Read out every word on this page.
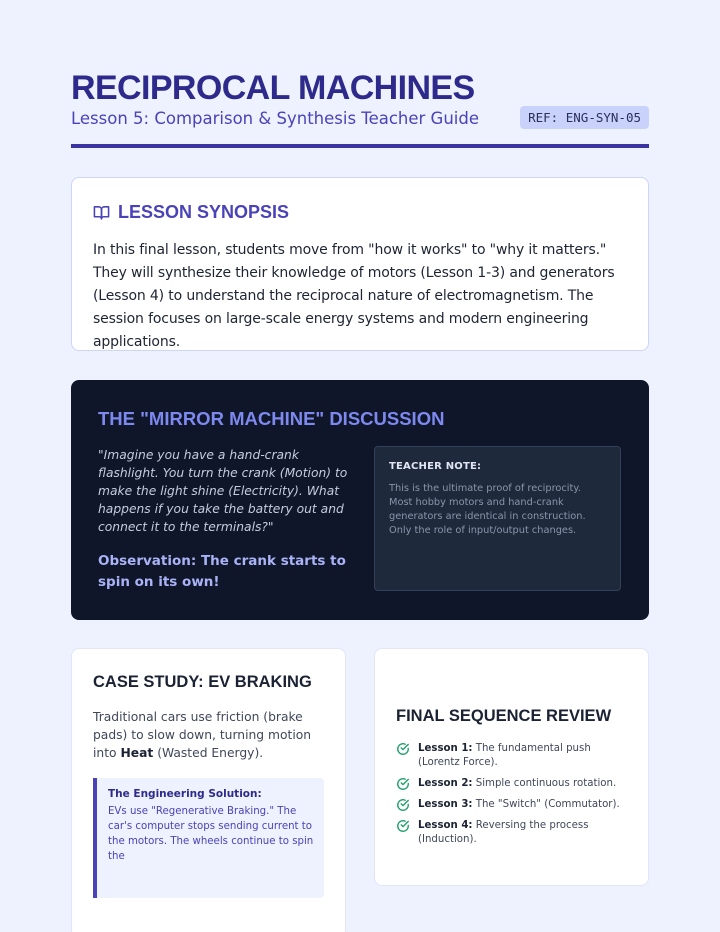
RECIPROCAL MACHINES
Lesson 5: Comparison & Synthesis Teacher Guide	REF: ENG-SYN-05
LESSON SYNOPSIS

In this final lesson, students move from "how it works" to "why it matters." They will synthesize their knowledge of motors (Lesson 1-3) and generators (Lesson 4) to understand the reciprocal nature of electromagnetism. The session focuses on large-scale energy systems and modern engineering applications.

THE "MIRROR MACHINE" DISCUSSION

"Imagine you have a hand-crank flashlight. You turn the crank (Motion) to make the light shine (Electricity). What happens if you take the battery out and connect it to the terminals?"

Observation: The crank starts to spin on its own!

TEACHER NOTE:

This is the ultimate proof of reciprocity. Most hobby motors and hand-crank generators are identical in construction. Only the role of input/output changes.

CASE STUDY: EV BRAKING

Traditional cars use friction (brake pads) to slow down, turning motion into Heat (Wasted Energy).

The Engineering Solution:

EVs use "Regenerative Braking." The car's computer stops sending current to the motors. The wheels continue to spin the

FINAL SEQUENCE REVIEW
Lesson 1: The fundamental push (Lorentz Force).
Lesson 2: Simple continuous rotation.
Lesson 3: The "Switch" (Commutator).
Lesson 4: Reversing the process (Induction).
